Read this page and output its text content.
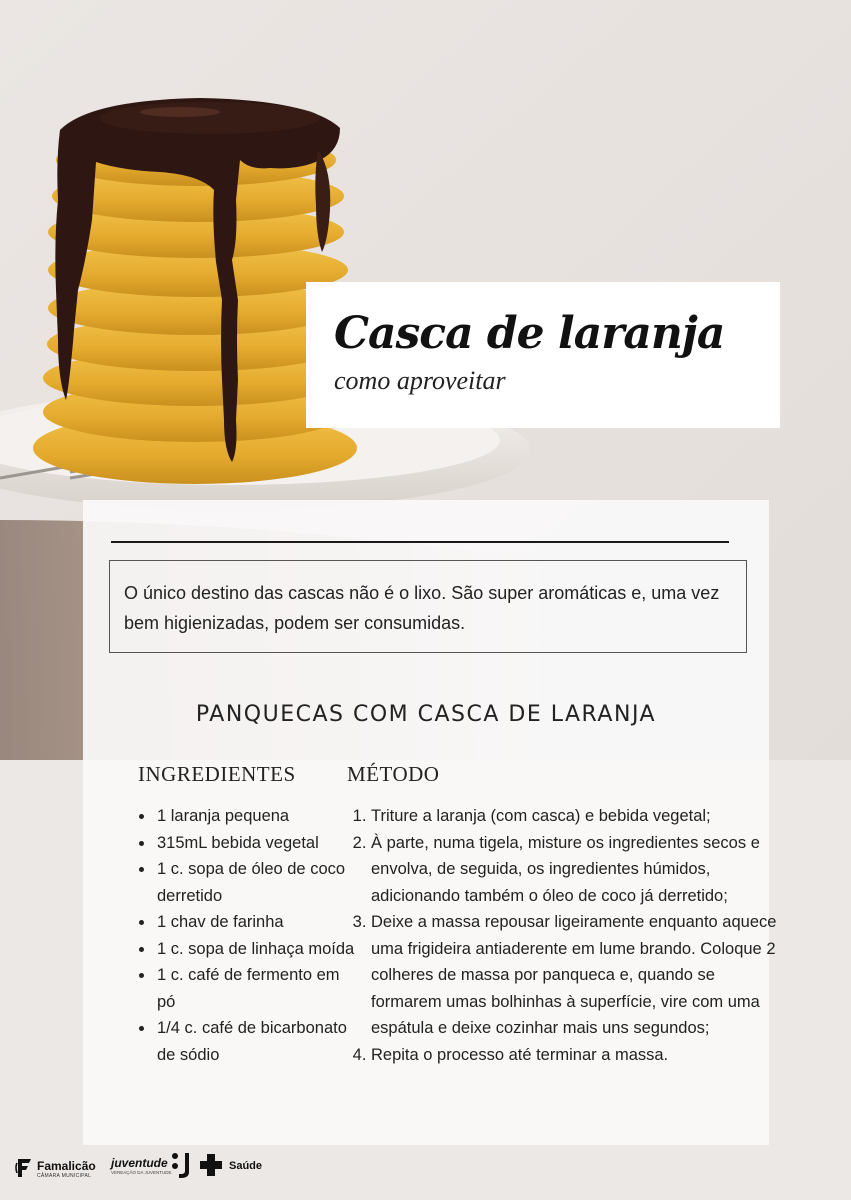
Casca de laranja
como aproveitar
O único destino das cascas não é o lixo. São super aromáticas e, uma vez bem higienizadas, podem ser consumidas.
PANQUECAS COM CASCA DE LARANJA
INGREDIENTES MÉTODO
• 1 laranja pequena
• 315mL bebida vegetal
• 1 c. sopa de óleo de coco derretido
• 1 chav de farinha
• 1 c. sopa de linhaça moída
• 1 c. café de fermento em pó
• 1/4 c. café de bicarbonato de sódio
1. Triture a laranja (com casca) e bebida vegetal;
2. À parte, numa tigela, misture os ingredientes secos e envolva, de seguida, os ingredientes húmidos, adicionando também o óleo de coco já derretido;
3. Deixe a massa repousar ligeiramente enquanto aquece uma frigideira antiaderente em lume brando. Coloque 2 colheres de massa por panqueca e, quando se formarem umas bolhinhas à superfície, vire com uma espátula e deixe cozinhar mais uns segundos;
4. Repita o processo até terminar a massa.
Famalicão
CÂMARA MUNICIPAL
juventude
VEREAÇÃO DA JUVENTUDE
Saúde
